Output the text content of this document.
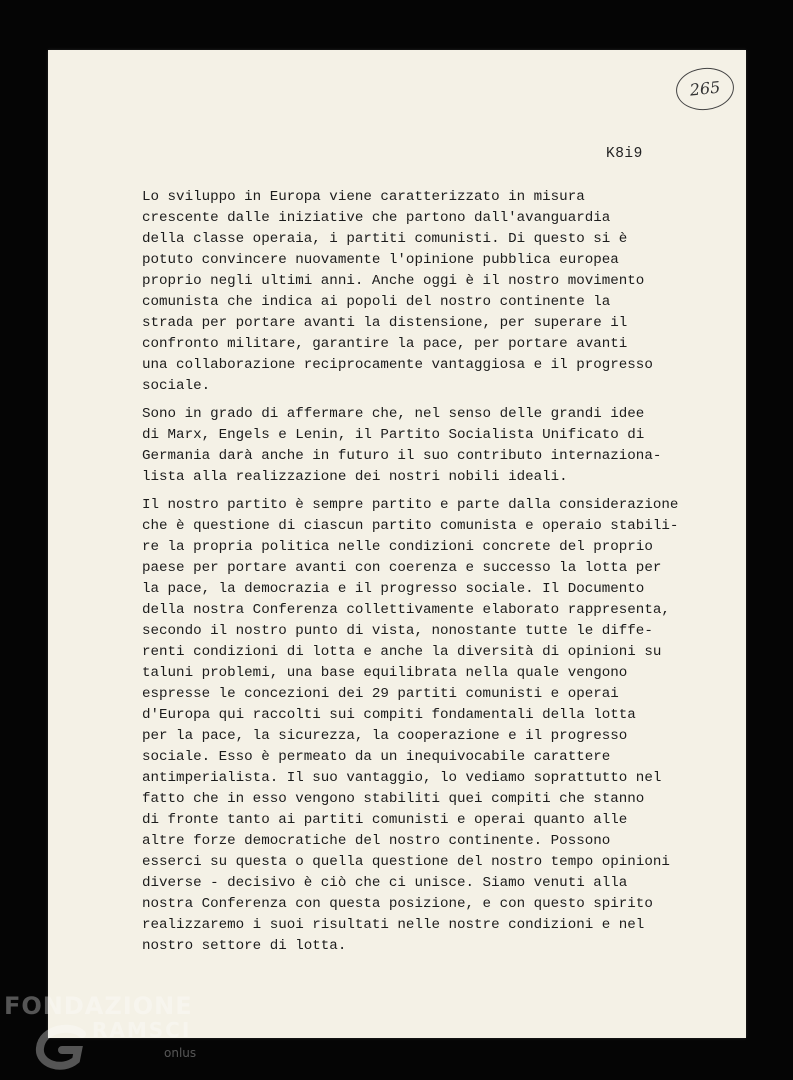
265
K8i9

Lo sviluppo in Europa viene caratterizzato in misura
crescente dalle iniziative che partono dall'avanguardia
della classe operaia, i partiti comunisti. Di questo si è
potuto convincere nuovamente l'opinione pubblica europea
proprio negli ultimi anni. Anche oggi è il nostro movimento
comunista che indica ai popoli del nostro continente la
strada per portare avanti la distensione, per superare il
confronto militare, garantire la pace, per portare avanti
una collaborazione reciprocamente vantaggiosa e il progresso
sociale.

Sono in grado di affermare che, nel senso delle grandi idee
di Marx, Engels e Lenin, il Partito Socialista Unificato di
Germania darà anche in futuro il suo contributo internaziona-
lista alla realizzazione dei nostri nobili ideali.

Il nostro partito è sempre partito e parte dalla considerazione
che è questione di ciascun partito comunista e operaio stabili-
re la propria politica nelle condizioni concrete del proprio
paese per portare avanti con coerenza e successo la lotta per
la pace, la democrazia e il progresso sociale. Il Documento
della nostra Conferenza collettivamente elaborato rappresenta,
secondo il nostro punto di vista, nonostante tutte le diffe-
renti condizioni di lotta e anche la diversità di opinioni su
taluni problemi, una base equilibrata nella quale vengono
espresse le concezioni dei 29 partiti comunisti e operai
d'Europa qui raccolti sui compiti fondamentali della lotta
per la pace, la sicurezza, la cooperazione e il progresso
sociale. Esso è permeato da un inequivocabile carattere
antimperialista. Il suo vantaggio, lo vediamo soprattutto nel
fatto che in esso vengono stabiliti quei compiti che stanno
di fronte tanto ai partiti comunisti e operai quanto alle
altre forze democratiche del nostro continente. Possono
esserci su questa o quella questione del nostro tempo opinioni
diverse - decisivo è ciò che ci unisce. Siamo venuti alla
nostra Conferenza con questa posizione, e con questo spirito
realizzaremo i suoi risultati nelle nostre condizioni e nel
nostro settore di lotta.

FONDAZIONE
RAMSCI
onlus
